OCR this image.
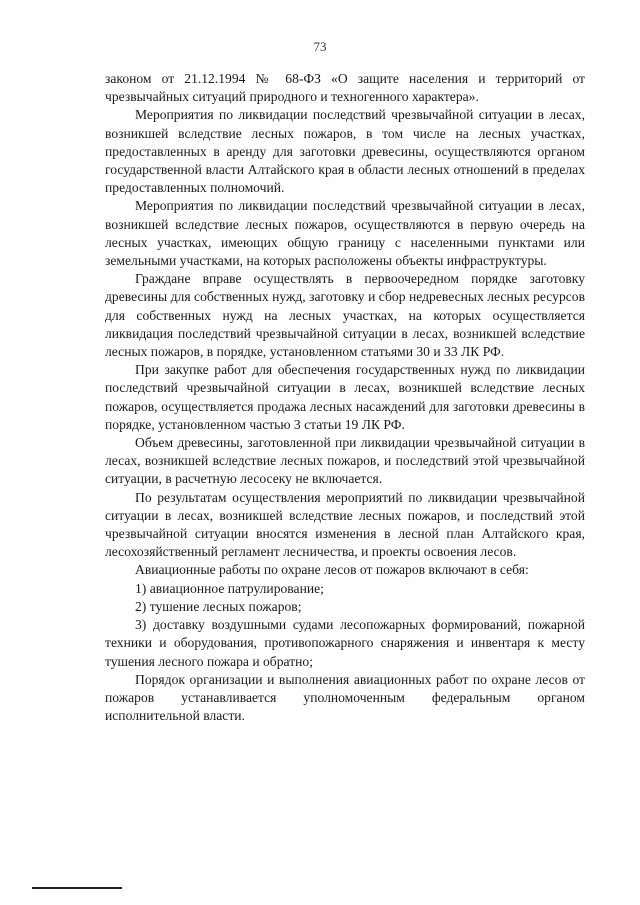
73

законом от 21.12.1994 № 68-ФЗ «О защите населения и территорий от чрезвычайных ситуаций природного и техногенного характера».

Мероприятия по ликвидации последствий чрезвычайной ситуации в лесах, возникшей вследствие лесных пожаров, в том числе на лесных участках, предоставленных в аренду для заготовки древесины, осуществляются органом государственной власти Алтайского края в области лесных отношений в пределах предоставленных полномочий.

Мероприятия по ликвидации последствий чрезвычайной ситуации в лесах, возникшей вследствие лесных пожаров, осуществляются в первую очередь на лесных участках, имеющих общую границу с населенными пунктами или земельными участками, на которых расположены объекты инфраструктуры.

Граждане вправе осуществлять в первоочередном порядке заготовку древесины для собственных нужд, заготовку и сбор недревесных лесных ресурсов для собственных нужд на лесных участках, на которых осуществляется ликвидация последствий чрезвычайной ситуации в лесах, возникшей вследствие лесных пожаров, в порядке, установленном статьями 30 и 33 ЛК РФ.

При закупке работ для обеспечения государственных нужд по ликвидации последствий чрезвычайной ситуации в лесах, возникшей вследствие лесных пожаров, осуществляется продажа лесных насаждений для заготовки древесины в порядке, установленном частью 3 статьи 19 ЛК РФ.

Объем древесины, заготовленной при ликвидации чрезвычайной ситуации в лесах, возникшей вследствие лесных пожаров, и последствий этой чрезвычайной ситуации, в расчетную лесосеку не включается.

По результатам осуществления мероприятий по ликвидации чрезвычайной ситуации в лесах, возникшей вследствие лесных пожаров, и последствий этой чрезвычайной ситуации вносятся изменения в лесной план Алтайского края, лесохозяйственный регламент лесничества, и проекты освоения лесов.

Авиационные работы по охране лесов от пожаров включают в себя:

1) авиационное патрулирование;

2) тушение лесных пожаров;

3) доставку воздушными судами лесопожарных формирований, пожарной техники и оборудования, противопожарного снаряжения и инвентаря к месту тушения лесного пожара и обратно;

Порядок организации и выполнения авиационных работ по охране лесов от пожаров устанавливается уполномоченным федеральным органом исполнительной власти.
